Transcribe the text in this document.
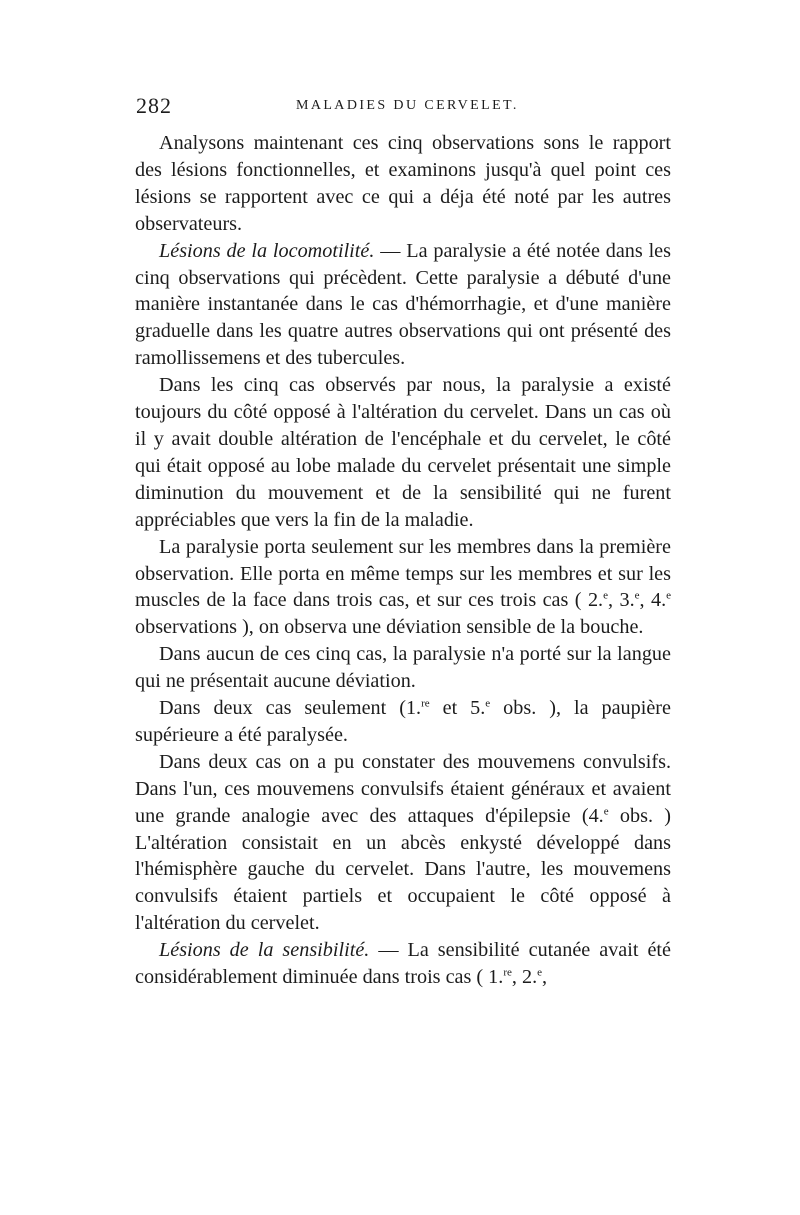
282	MALADIES DU CERVELET.

Analysons maintenant ces cinq observations sons le rapport des lésions fonctionnelles, et examinons jusqu'à quel point ces lésions se rapportent avec ce qui a déja été noté par les autres observateurs.

Lésions de la locomotilité. — La paralysie a été notée dans les cinq observations qui précèdent. Cette paralysie a débuté d'une manière instantanée dans le cas d'hémorrhagie, et d'une manière graduelle dans les quatre autres observations qui ont présenté des ramollissemens et des tubercules.

Dans les cinq cas observés par nous, la paralysie a existé toujours du côté opposé à l'altération du cervelet. Dans un cas où il y avait double altération de l'encéphale et du cervelet, le côté qui était opposé au lobe malade du cervelet présentait une simple diminution du mouvement et de la sensibilité qui ne furent appréciables que vers la fin de la maladie.

La paralysie porta seulement sur les membres dans la première observation. Elle porta en même temps sur les membres et sur les muscles de la face dans trois cas, et sur ces trois cas ( 2.$^e$, 3.$^e$, 4.$^e$ observations ), on observa une déviation sensible de la bouche.

Dans aucun de ces cinq cas, la paralysie n'a porté sur la langue qui ne présentait aucune déviation.

Dans deux cas seulement (1.$^{re}$ et 5.$^e$ obs. ), la paupière supérieure a été paralysée.

Dans deux cas on a pu constater des mouvemens convulsifs. Dans l'un, ces mouvemens convulsifs étaient généraux et avaient une grande analogie avec des attaques d'épilepsie (4.$^e$ obs. ) L'altération consistait en un abcès enkysté développé dans l'hémisphère gauche du cervelet. Dans l'autre, les mouvemens convulsifs étaient partiels et occupaient le côté opposé à l'altération du cervelet.

Lésions de la sensibilité. — La sensibilité cutanée avait été considérablement diminuée dans trois cas ( 1.$^{re}$, 2.$^e$,
